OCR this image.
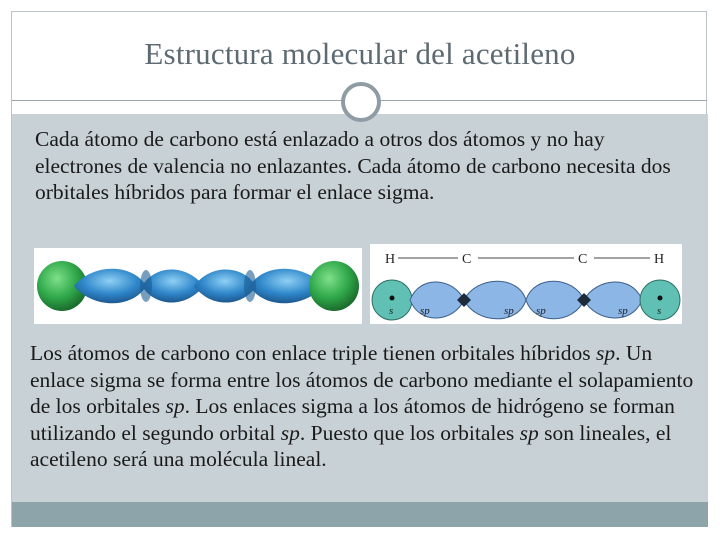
Estructura molecular del acetileno
Cada átomo de carbono está enlazado a otros dos átomos y no hay electrones de valencia no enlazantes. Cada átomo de carbono necesita dos orbitales híbridos para formar el enlace sigma.
H	C	C	H
s sp	sp sp	sp	s
Los átomos de carbono con enlace triple tienen orbitales híbridos sp. Un enlace sigma se forma entre los átomos de carbono mediante el solapamiento de los orbitales sp. Los enlaces sigma a los átomos de hidrógeno se forman utilizando el segundo orbital sp. Puesto que los orbitales sp son lineales, el acetileno será una molécula lineal.
